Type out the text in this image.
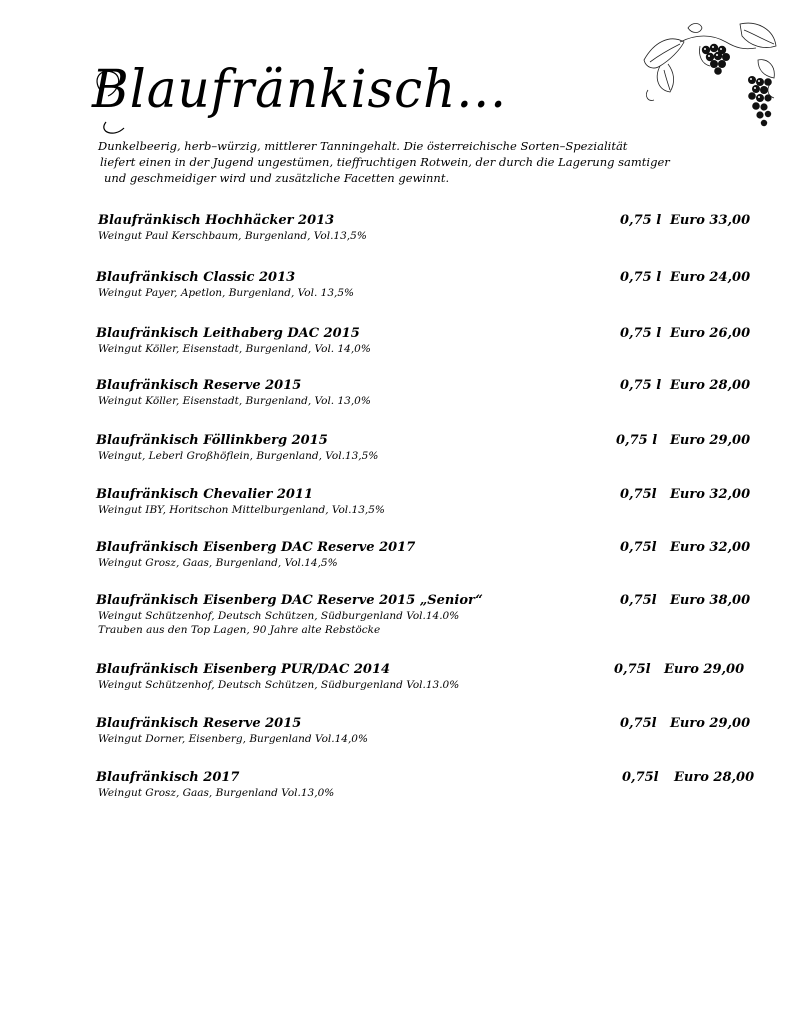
Blaufränkisch...
Dunkelbeerig, herb–würzig, mittlerer Tanningehalt. Die österreichische Sorten–Spezialität
liefert einen in der Jugend ungestümen, tieffruchtigen Rotwein, der durch die Lagerung samtiger
und geschmeidiger wird und zusätzliche Facetten gewinnt.
Blaufränkisch Hochhäcker 2013
Weingut Paul Kerschbaum, Burgenland, Vol.13,5%
0,75 l Euro 33,00
Blaufränkisch Classic 2013
Weingut Payer, Apetlon, Burgenland, Vol. 13,5%
0,75 l Euro 24,00
Blaufränkisch Leithaberg DAC 2015
Weingut Köller, Eisenstadt, Burgenland, Vol. 14,0%
0,75 l Euro 26,00
Blaufränkisch Reserve 2015
Weingut Köller, Eisenstadt, Burgenland, Vol. 13,0%
0,75 l Euro 28,00
Blaufränkisch Föllinkberg 2015
Weingut, Leberl Großhöflein, Burgenland, Vol.13,5%
0,75 l Euro 29,00
Blaufränkisch Chevalier 2011
Weingut IBY, Horitschon Mittelburgenland, Vol.13,5%
0,75l Euro 32,00
Blaufränkisch Eisenberg DAC Reserve 2017
Weingut Grosz, Gaas, Burgenland, Vol.14,5%
0,75l Euro 32,00
Blaufränkisch Eisenberg DAC Reserve 2015 „Senior“
Weingut Schützenhof, Deutsch Schützen, Südburgenland Vol.14.0%
Trauben aus den Top Lagen, 90 Jahre alte Rebstöcke
0,75l Euro 38,00
Blaufränkisch Eisenberg PUR/DAC 2014
Weingut Schützenhof, Deutsch Schützen, Südburgenland Vol.13.0%
0,75l Euro 29,00
Blaufränkisch Reserve 2015
Weingut Dorner, Eisenberg, Burgenland Vol.14,0%
0,75l Euro 29,00
Blaufränkisch 2017
Weingut Grosz, Gaas, Burgenland Vol.13,0%
0,75l Euro 28,00
